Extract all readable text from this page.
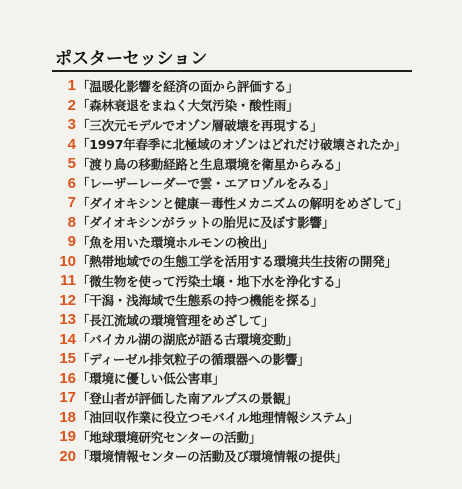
ポスターセッション
1 「温暖化影響を経済の面から評価する」
2 「森林衰退をまねく大気汚染・酸性雨」
3 「三次元モデルでオゾン層破壊を再現する」
4 「1997年春季に北極域のオゾンはどれだけ破壊されたか」
5 「渡り鳥の移動経路と生息環境を衛星からみる」
6 「レーザーレーダーで雲・エアロゾルをみる」
7 「ダイオキシンと健康－毒性メカニズムの解明をめざして」
8 「ダイオキシンがラットの胎児に及ぼす影響」
9 「魚を用いた環境ホルモンの検出」
10 「熱帯地域での生態工学を活用する環境共生技術の開発」
11 「微生物を使って汚染土壌・地下水を浄化する」
12 「干潟・浅海域で生態系の持つ機能を探る」
13 「長江流域の環境管理をめざして」
14 「バイカル湖の湖底が語る古環境変動」
15 「ディーゼル排気粒子の循環器への影響」
16 「環境に優しい低公害車」
17 「登山者が評価した南アルプスの景観」
18 「油回収作業に役立つモバイル地理情報システム」
19 「地球環境研究センターの活動」
20 「環境情報センターの活動及び環境情報の提供」
